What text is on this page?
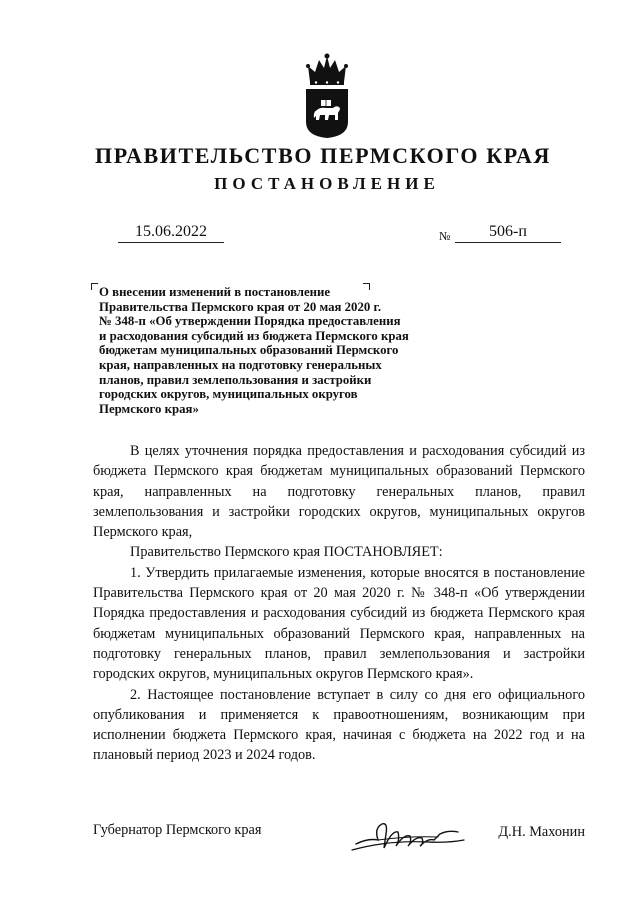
ПРАВИТЕЛЬСТВО ПЕРМСКОГО КРАЯ
ПОСТАНОВЛЕНИЕ
15.06.2022	№	506-п
О внесении изменений в постановление
Правительства Пермского края от 20 мая 2020 г.
№ 348-п «Об утверждении Порядка предоставления
и расходования субсидий из бюджета Пермского края
бюджетам муниципальных образований Пермского
края, направленных на подготовку генеральных
планов, правил землепользования и застройки
городских округов, муниципальных округов
Пермского края»

В целях уточнения порядка предоставления и расходования субсидий из бюджета Пермского края бюджетам муниципальных образований Пермского края, направленных на подготовку генеральных планов, правил землепользования и застройки городских округов, муниципальных округов Пермского края,

Правительство Пермского края ПОСТАНОВЛЯЕТ:

1. Утвердить прилагаемые изменения, которые вносятся в постановление Правительства Пермского края от 20 мая 2020 г. № 348-п «Об утверждении Порядка предоставления и расходования субсидий из бюджета Пермского края бюджетам муниципальных образований Пермского края, направленных на подготовку генеральных планов, правил землепользования и застройки городских округов, муниципальных округов Пермского края».

2. Настоящее постановление вступает в силу со дня его официального опубликования и применяется к правоотношениям, возникающим при исполнении бюджета Пермского края, начиная с бюджета на 2022 год и на плановый период 2023 и 2024 годов.

Губернатор Пермского края	Д.Н. Махонин
